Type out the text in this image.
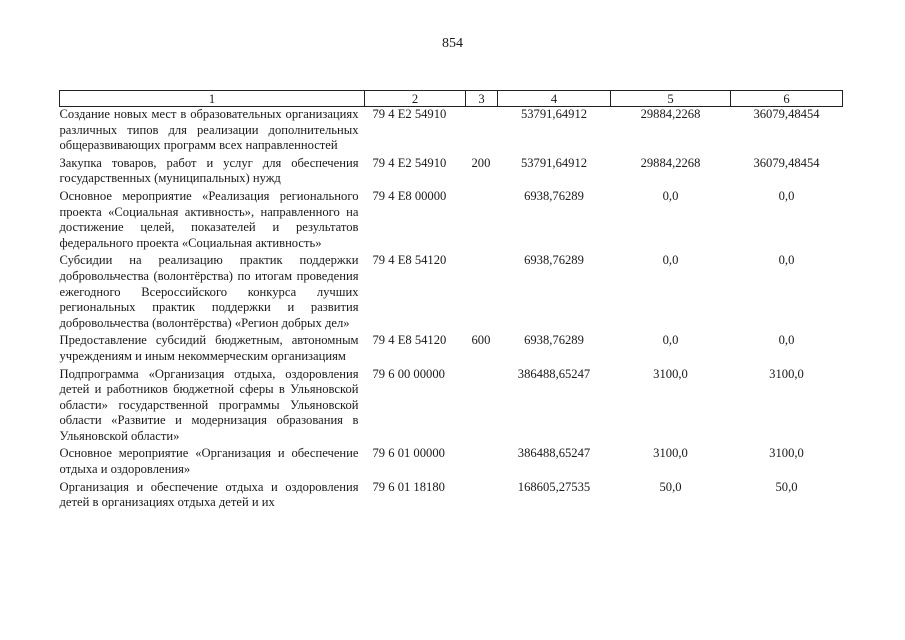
854
1	2	3	4	5	6
Создание новых мест в образовательных организациях различных типов для реализации дополнительных общеразвивающих программ всех направленностей	79 4 E2 54910		53791,64912	29884,2268	36079,48454
Закупка товаров, работ и услуг для обеспечения государственных (муниципальных) нужд	79 4 E2 54910	200	53791,64912	29884,2268	36079,48454
Основное мероприятие «Реализация регионального проекта «Социальная активность», направленного на достижение целей, показателей и результатов федерального проекта «Социальная активность»	79 4 E8 00000		6938,76289	0,0	0,0
Субсидии на реализацию практик поддержки добровольчества (волонтёрства) по итогам проведения ежегодного Всероссийского конкурса лучших региональных практик поддержки и развития добровольчества (волонтёрства) «Регион добрых дел»	79 4 E8 54120		6938,76289	0,0	0,0
Предоставление субсидий бюджетным, автономным учреждениям и иным некоммерческим организациям	79 4 E8 54120	600	6938,76289	0,0	0,0
Подпрограмма «Организация отдыха, оздоровления детей и работников бюджетной сферы в Ульяновской области» государственной программы Ульяновской области «Развитие и модернизация образования в Ульяновской области»	79 6 00 00000		386488,65247	3100,0	3100,0
Основное мероприятие «Организация и обеспечение отдыха и оздоровления»	79 6 01 00000		386488,65247	3100,0	3100,0
Организация и обеспечение отдыха и оздоровления детей в организациях отдыха детей и их	79 6 01 18180		168605,27535	50,0	50,0
